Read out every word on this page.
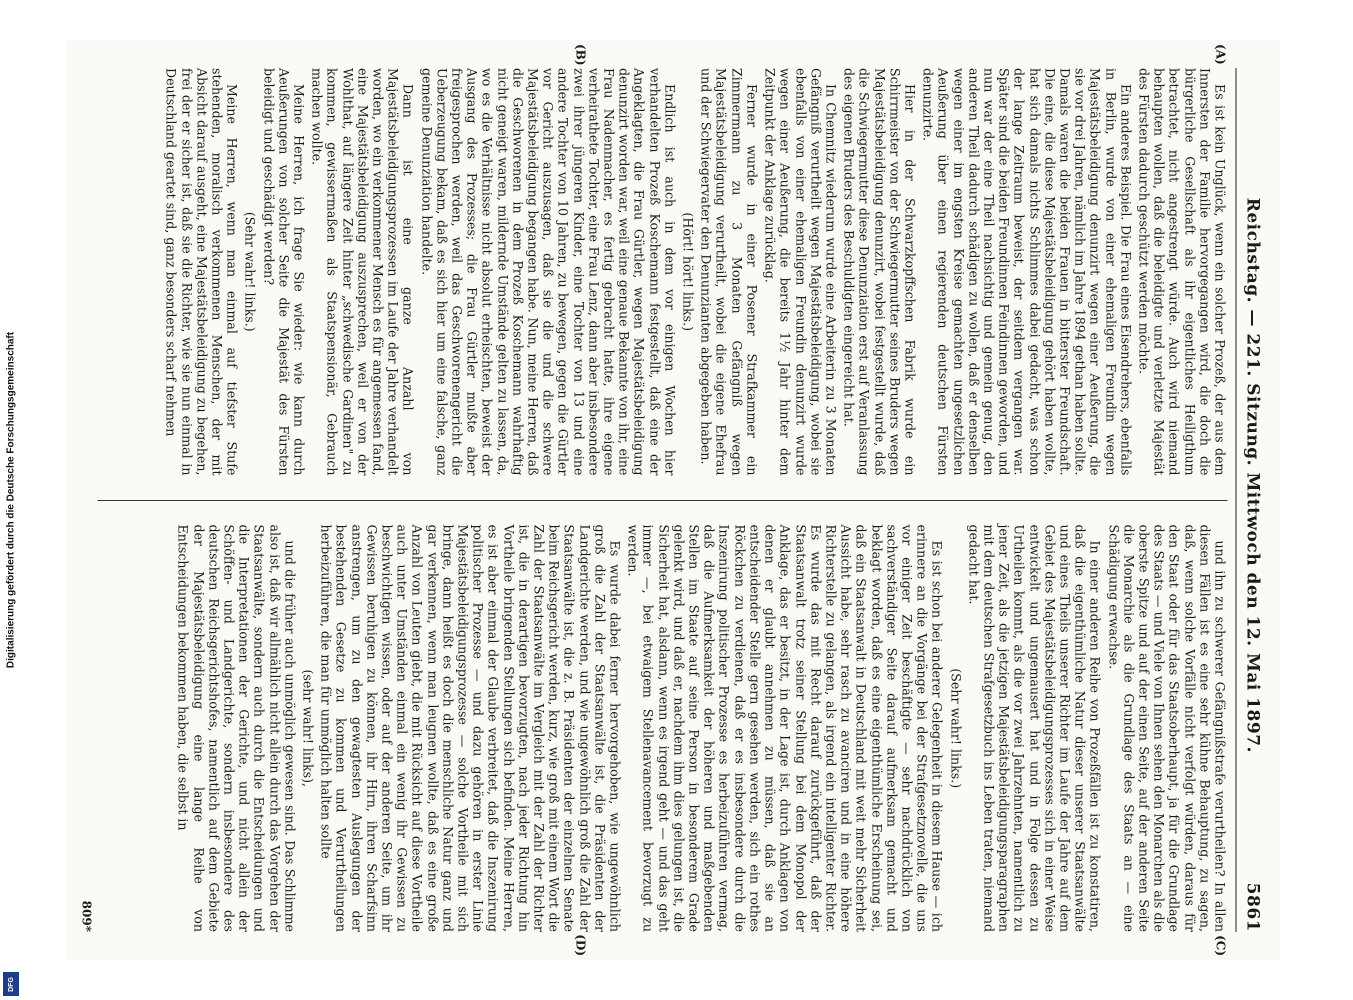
Digitalisierung gefördert durch die Deutsche Forschungsgemeinschaft
DFG
Reichstag. — 221. Sitzung. Mittwoch den 12. Mai 1897.
5861
(A)
(B)

Es ist kein Unglück, wenn ein solcher Prozeß, der aus dem Innersten der Familie hervorgegangen wird, die doch die bürgerliche Gesellschaft als ihr eigentliches Heiligthum betrachtet, nicht angestrengt würde. Auch wird niemand behaupten wollen, daß die beleidigte und verletzte Majestät des Fürsten dadurch geschützt werden möchte.

Ein anderes Beispiel. Die Frau eines Eisendrehers, ebenfalls in Berlin, wurde von einer ehemaligen Freundin wegen Majestätsbeleidigung denunzirt wegen einer Aeußerung, die sie vor drei Jahren, nämlich im Jahre 1894 gethan haben sollte. Damals waren die beiden Frauen in bitterster Freundschaft. Die eine, die diese Majestätsbeleidigung gehört haben wollte, hat sich damals nichts Schlimmes dabei gedacht, was schon der lange Zeitraum beweist, der seitdem vergangen war. Später sind die beiden Freundinnen Feindinnen geworden, und nun war der eine Theil nachsichtig und gemein genug, den anderen Theil dadurch schädigen zu wollen, daß er denselben wegen einer im engsten Kreise gemachten ungesetzlichen Aeußerung über einen regierenden deutschen Fürsten denunzirte.

Hier in der Schwarzkopffschen Fabrik wurde ein Schirrmeister von der Schwiegermutter seines Bruders wegen Majestätsbeleidigung denunzirt, wobei festgestellt wurde, daß die Schwiegermutter diese Denunziation erst auf Veranlassung des eigenen Bruders des Beschuldigten eingereicht hat.

In Chemnitz wiederum wurde eine Arbeiterin zu 3 Monaten Gefängniß verurtheilt wegen Majestätsbeleidigung, wobei sie ebenfalls von einer ehemaligen Freundin denunzirt wurde wegen einer Aeußerung, die bereits 1½ Jahr hinter dem Zeitpunkt der Anklage zurücklag.

Ferner wurde in einer Posener Strafkammer ein Zimmermann zu 3 Monaten Gefängniß wegen Majestätsbeleidigung verurtheilt, wobei die eigene Ehefrau und der Schwiegervater den Denunzianten abgegeben haben.

(Hört! hört! links.)

Endlich ist auch in dem vor einigen Wochen hier verhandelten Prozeß Koschemann festgestellt, daß eine der Angeklagten, die Frau Gürtler, wegen Majestätsbeleidigung denunzirt worden war, weil eine genaue Bekannte von ihr, eine Frau Nadenmacher, es fertig gebracht hatte, ihre eigene verheirathete Tochter, eine Frau Lenz, dann aber insbesondere zwei ihrer jüngeren Kinder, eine Tochter von 13 und eine andere Tochter von 10 Jahren, zu bewegen, gegen die Gürtler vor Gericht auszusagen, daß sie die und die schwere Majestätsbeleidigung begangen habe. Nun, meine Herren, daß die Geschworenen in dem Prozeß Koschemann wahrhaftig nicht geneigt waren, mildernde Umstände gelten zu lassen, da, wo es die Verhältnisse nicht absolut erheischten, beweist der Ausgang des Prozesses; die Frau Gürtler mußte aber freigesprochen werden, weil das Geschworenengericht die Ueberzeugung bekam, daß es sich hier um eine falsche, ganz gemeine Denunziation handelte.

Dann ist eine ganze Anzahl von Majestätsbeleidigungsprozessen im Laufe der Jahre verhandelt worden, wo ein verkommener Mensch es für angemessen fand, eine Majestätsbeleidigung auszusprechen, weil er von der Wohlthat, auf längere Zeit hinter „schwedische Gardinen" zu kommen, gewissermaßen als Staatspensionär, Gebrauch machen wollte.

Meine Herren, ich frage Sie wieder: wie kann durch Aeußerungen von solcher Seite die Majestät des Fürsten beleidigt und geschädigt werden?

(Sehr wahr! links.)

Meine Herren, wenn man einmal auf tiefster Stufe stehenden, moralisch verkommenen Menschen, der mit Absicht darauf ausgeht, eine Majestätsbeleidigung zu begehen, frei der er sicher ist, daß sie die Richter, wie sie nun einmal in Deutschland geartet sind, ganz besonders scharf nehmen

(C)
(D)

und ihn zu schwerer Gefängnißstrafe verurtheilen? In allen diesen Fällen ist es eine sehr kühne Behauptung, zu sagen, daß, wenn solche Vorfälle nicht verfolgt würden, daraus für den Staat oder für das Staatsoberhaupt, ja für die Grundlage des Staats — und Viele von Ihnen sehen den Monarchen als die oberste Spitze und auf der einen Seite, auf der anderen Seite die Monarchie als die Grundlage des Staats an — eine Schädigung erwachse.

In einer anderen Reihe von Prozeßfällen ist zu konstatiren, daß die eigenthümliche Natur dieser unserer Staatsanwälte und eines Theils unserer Richter im Laufe der Jahre auf dem Gebiet des Majestätsbeleidigungsprozesses sich in einer Weise entwickelt und ungemausert hat und in Folge dessen zu Urtheilen kommt, als die vor zwei Jahrzehnten, namentlich zu jener Zeit, als die jetzigen Majestätsbeleidigungsparagraphen mit dem deutschen Strafgesetzbuch ins Leben traten, niemand gedacht hat.

(Sehr wahr! links.)

Es ist schon bei anderer Gelegenheit in diesem Hause — ich erinnere an die Vorgänge bei der Strafgesetznovelle, die uns vor einiger Zeit beschäftigte — sehr nachdrücklich von sachverständiger Seite darauf aufmerksam gemacht und beklagt worden, daß es eine eigenthümliche Erscheinung sei, daß ein Staatsanwalt in Deutschland mit weit mehr Sicherheit Aussicht habe, sehr rasch zu avanciren und in eine höhere Richterstelle zu gelangen, als irgend ein intelligenter Richter. Es wurde das mit Recht darauf zurückgeführt, daß der Staatsanwalt trotz seiner Stellung bei dem Monopol der Anklage, das er besitzt, in der Lage ist, durch Anklagen von denen er glaubt annehmen zu müssen, daß sie an entscheidender Stelle gern gesehen werden, sich ein rothes Röckchen zu verdienen, daß er es insbesondere durch die Inszenirung politischer Prozesse es herbeizuführen vermag, daß die Aufmerksamkeit der höheren und maßgebenden Stellen im Staate auf seine Person in besonderem Grade gelenkt wird, und daß er, nachdem ihm dies gelungen ist, die Sicherheit hat, alsdann, wenn es irgend geht — und das geht immer —, bei etwaigem Stellenavancement bevorzugt zu werden.

Es wurde dabei ferner hervorgehoben, wie ungewöhnlich groß die Zahl der Staatsanwälte ist, die Präsidenten der Landgerichte werden, und wie ungewöhnlich groß die Zahl der Staatsanwälte ist, die z. B. Präsidenten der einzelnen Senate beim Reichsgericht werden, kurz, wie groß mit einem Wort die Zahl der Staatsanwälte im Vergleich mit der Zahl der Richter ist, die in derartigen bevorzugten, nach jeder Richtung hin Vortheile bringenden Stellungen sich befinden. Meine Herren, es ist aber einmal der Glaube verbreitet, daß die Inszenirung politischer Prozesse — und dazu gehören in erster Linie Majestätsbeleidigungsprozesse — solche Vortheile mit sich bringe, dann heißt es doch die menschliche Natur ganz und gar verkennen, wenn man leugnen wollte, daß es eine große Anzahl von Leuten giebt, die mit Rücksicht auf diese Vortheile auch unter Umständen einmal ein wenig ihr Gewissen zu beschwichtigen wissen, oder auf der anderen Seite, um ihr Gewissen beruhigen zu können, ihr Hirn, ihren Scharfsinn anstrengen, um zu den gewagtesten Auslegungen der bestehenden Gesetze zu kommen und Verurtheilungen herbeizuführen, die man für unmöglich halten sollte

(sehr wahr! links),

und die früher auch unmöglich gewesen sind. Das Schlimme also ist, daß wir allmählich nicht allein durch das Vorgehen der Staatsanwälte, sondern auch durch die Entscheidungen und die Interpretationen der Gerichte, und nicht allein der Schöffen- und Landgerichte, sondern insbesondere des deutschen Reichsgerichtshofes, namentlich auf dem Gebiete der Majestätsbeleidigung eine lange Reihe von Entscheidungen bekommen haben, die selbst in

809*
